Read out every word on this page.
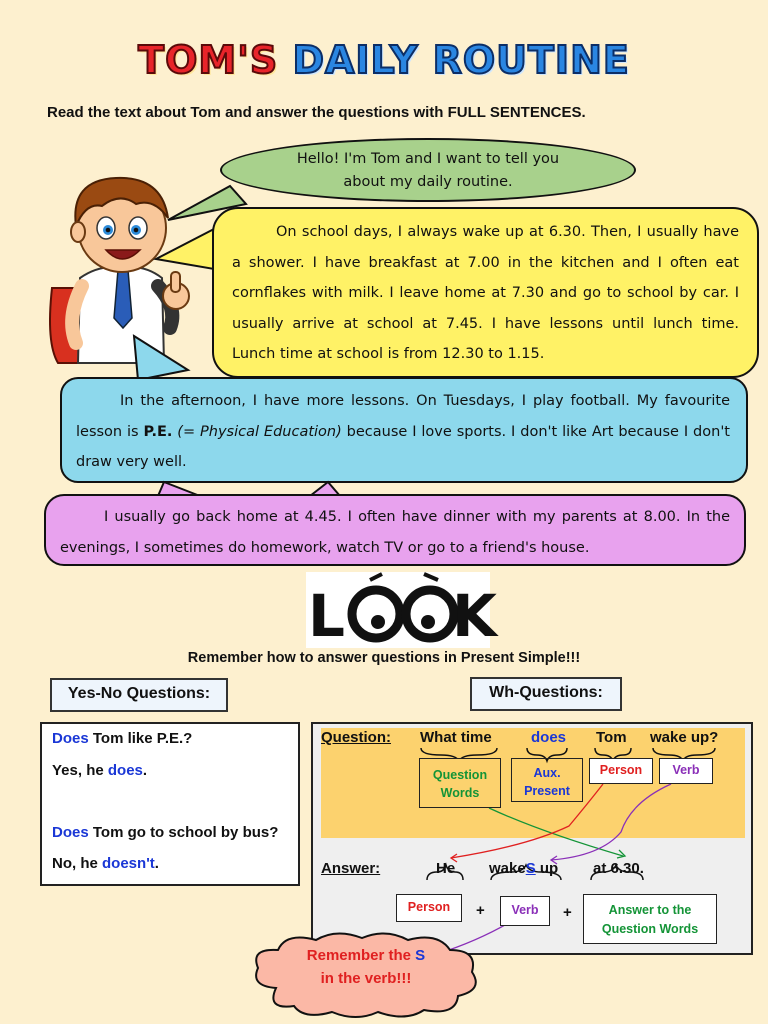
TOM'S DAILY ROUTINE
Read the text about Tom and answer the questions with FULL SENTENCES.
Hello! I'm Tom and I want to tell you
about my daily routine.
On school days, I always wake up at 6.30. Then, I usually have a shower. I have breakfast at 7.00 in the kitchen and I often eat cornflakes with milk. I leave home at 7.30 and go to school by car. I usually arrive at school at 7.45. I have lessons until lunch time. Lunch time at school is from 12.30 to 1.15.
In the afternoon, I have more lessons. On Tuesdays, I play football. My favourite lesson is P.E. (= Physical Education) because I love sports. I don't like Art because I don't draw very well.
I usually go back home at 4.45. I often have dinner with my parents at 8.00. In the evenings, I sometimes do homework, watch TV or go to a friend's house.
L K
Remember how to answer questions in Present Simple!!!
Yes-No Questions:	Wh-Questions:
Does Tom like P.E.?
Yes, he does.
Does Tom go to school by bus?
No, he doesn't.
Question: What time	does Tom wake up?
Question
Words
Aux.
Present
Person	Verb
Answer:	He wakeS up at 6.30.
Person	+	Verb	+	Answer to the
Question Words
Remember the S
in the verb!!!
